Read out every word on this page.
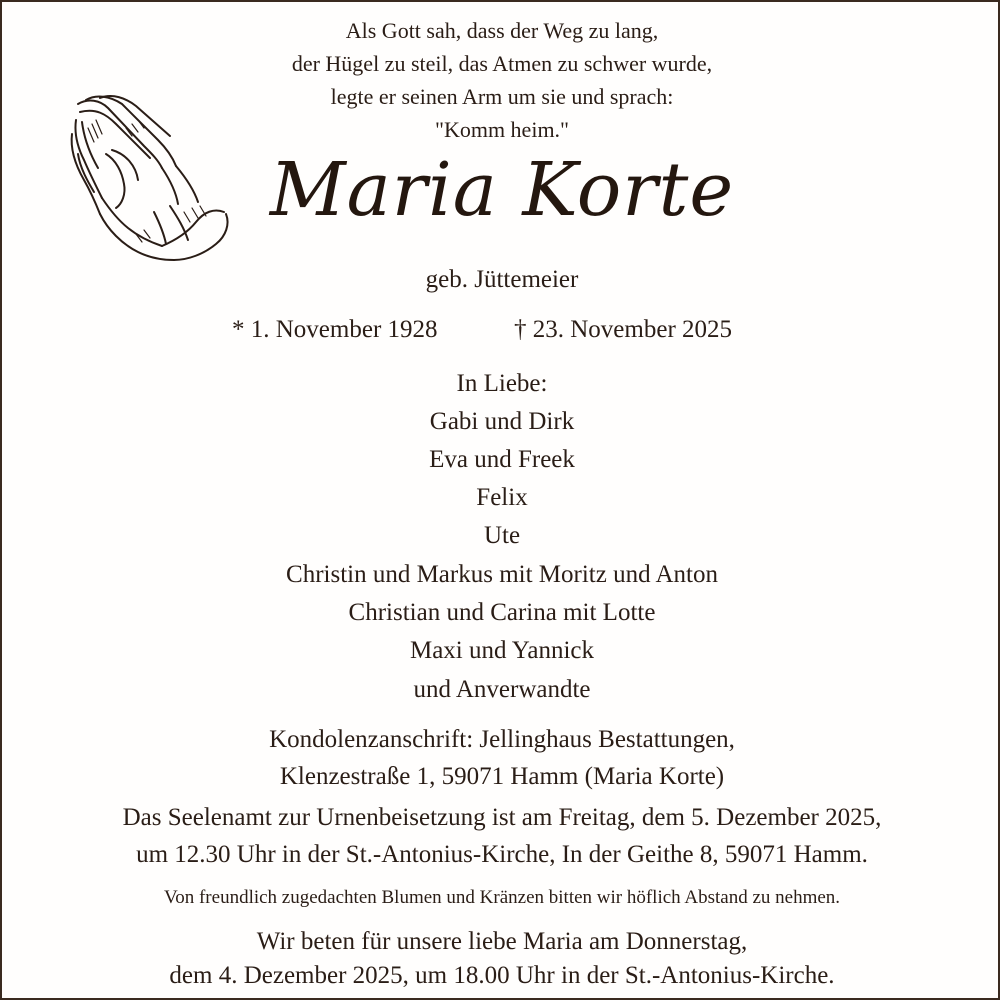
Als Gott sah, dass der Weg zu lang,
der Hügel zu steil, das Atmen zu schwer wurde,
legte er seinen Arm um sie und sprach:
"Komm heim."
Maria Korte
geb. Jüttemeier
* 1. November 1928	† 23. November 2025
In Liebe:
Gabi und Dirk
Eva und Freek
Felix
Ute
Christin und Markus mit Moritz und Anton
Christian und Carina mit Lotte
Maxi und Yannick
und Anverwandte
Kondolenzanschrift: Jellinghaus Bestattungen,
Klenzestraße 1, 59071 Hamm (Maria Korte)
Das Seelenamt zur Urnenbeisetzung ist am Freitag, dem 5. Dezember 2025,
um 12.30 Uhr in der St.-Antonius-Kirche, In der Geithe 8, 59071 Hamm.
Von freundlich zugedachten Blumen und Kränzen bitten wir höflich Abstand zu nehmen.
Wir beten für unsere liebe Maria am Donnerstag,
dem 4. Dezember 2025, um 18.00 Uhr in der St.-Antonius-Kirche.
